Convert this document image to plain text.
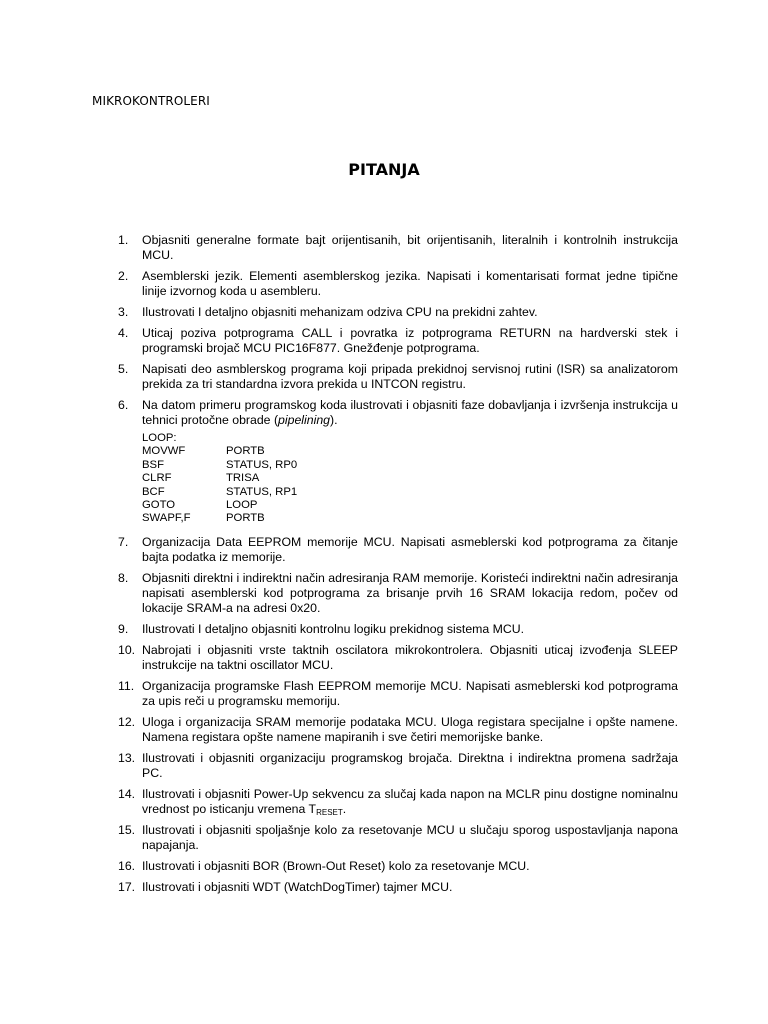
MIKROKONTROLERI
PITANJA
1.	Objasniti generalne formate bajt orijentisanih, bit orijentisanih, literalnih i kontrolnih instrukcija MCU.
2.	Asemblerski jezik. Elementi asemblerskog jezika. Napisati i komentarisati format jedne tipične linije izvornog koda u asembleru.
3.	Ilustrovati I detaljno objasniti mehanizam odziva CPU na prekidni zahtev.
4.	Uticaj poziva potprograma CALL i povratka iz potprograma RETURN na hardverski stek i programski brojač MCU PIC16F877. Gnežđenje potprograma.
5.	Napisati deo asmblerskog programa koji pripada prekidnoj servisnoj rutini (ISR) sa analizatorom prekida za tri standardna izvora prekida u INTCON registru.
6.	Na datom primeru programskog koda ilustrovati i objasniti faze dobavljanja i izvršenja instrukcija u tehnici protočne obrade (pipelining).
LOOP:
MOVWF	PORTB
BSF	STATUS, RP0
CLRF	TRISA
BCF	STATUS, RP1
GOTO	LOOP
SWAPF,F	PORTB
7.	Organizacija Data EEPROM memorije MCU. Napisati asmeblerski kod potprograma za čitanje bajta podatka iz memorije.
8.	Objasniti direktni i indirektni način adresiranja RAM memorije. Koristeći indirektni način adresiranja napisati asemblerski kod potprograma za brisanje prvih 16 SRAM lokacija redom, počev od lokacije SRAM-a na adresi 0x20.
9.	Ilustrovati I detaljno objasniti kontrolnu logiku prekidnog sistema MCU.
10. Nabrojati i objasniti vrste taktnih oscilatora mikrokontrolera. Objasniti uticaj izvođenja SLEEP instrukcije na taktni oscillator MCU.
11. Organizacija programske Flash EEPROM memorije MCU. Napisati asmeblerski kod potprograma za upis reči u programsku memoriju.
12. Uloga i organizacija SRAM memorije podataka MCU. Uloga registara specijalne i opšte namene. Namena registara opšte namene mapiranih i sve četiri memorijske banke.
13. Ilustrovati i objasniti organizaciju programskog brojača. Direktna i indirektna promena sadržaja PC.
14. Ilustrovati i objasniti Power-Up sekvencu za slučaj kada napon na MCLR pinu dostigne nominalnu vrednost po isticanju vremena $T_{RESET}$.
15. Ilustrovati i objasniti spoljašnje kolo za resetovanje MCU u slučaju sporog uspostavljanja napona napajanja.
16. Ilustrovati i objasniti BOR (Brown-Out Reset) kolo za resetovanje MCU.
17. Ilustrovati i objasniti WDT (WatchDogTimer) tajmer MCU.
